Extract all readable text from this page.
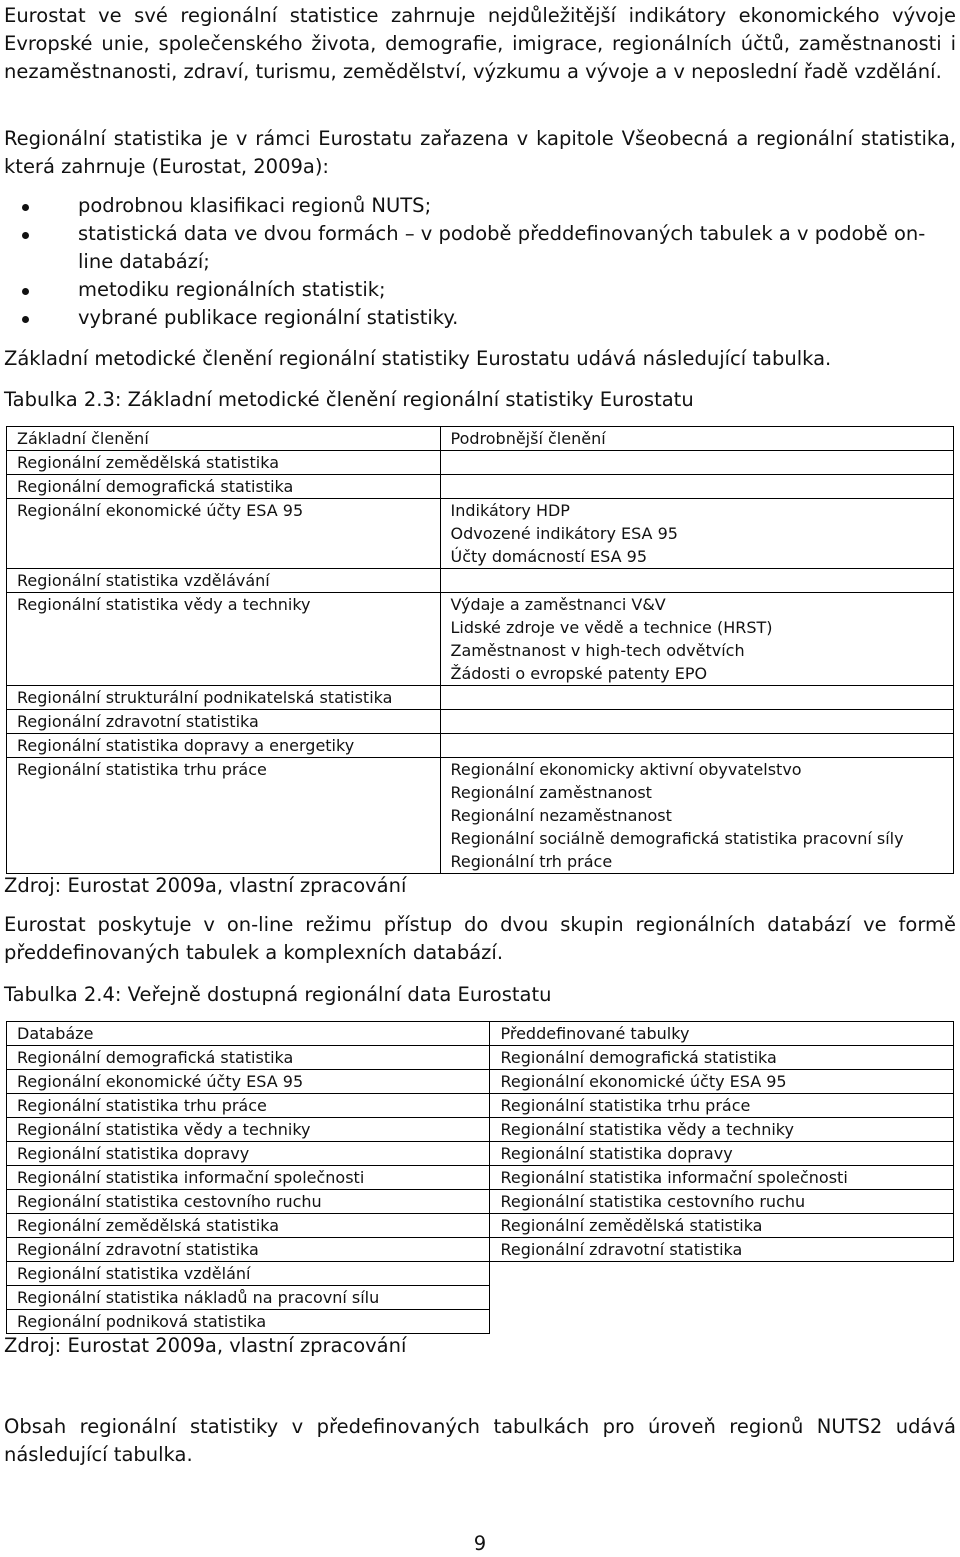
Eurostat ve své regionální statistice zahrnuje nejdůležitější indikátory ekonomického vývoje Evropské unie, společenského života, demografie, imigrace, regionálních účtů, zaměstnanosti i nezaměstnanosti, zdraví, turismu, zemědělství, výzkumu a vývoje a v neposlední řadě vzdělání.

Regionální statistika je v rámci Eurostatu zařazena v kapitole Všeobecná a regionální statistika, která zahrnuje (Eurostat, 2009a):

podrobnou klasifikaci regionů NUTS;
statistická data ve dvou formách – v podobě předdefinovaných tabulek a v podobě on-line databází;
metodiku regionálních statistik;
vybrané publikace regionální statistiky.

Základní metodické členění regionální statistiky Eurostatu udává následující tabulka.

Tabulka 2.3: Základní metodické členění regionální statistiky Eurostatu

Základní členění	Podrobnější členění
Regionální zemědělská statistika	
Regionální demografická statistika	
Regionální ekonomické účty ESA 95	Indikátory HDP
	Odvozené indikátory ESA 95
	Účty domácností ESA 95
Regionální statistika vzdělávání	
Regionální statistika vědy a techniky	Výdaje a zaměstnanci V&V
	Lidské zdroje ve vědě a technice (HRST)
	Zaměstnanost v high-tech odvětvích
	Žádosti o evropské patenty EPO
Regionální strukturální podnikatelská statistika	
Regionální zdravotní statistika	
Regionální statistika dopravy a energetiky	
Regionální statistika trhu práce	Regionální ekonomicky aktivní obyvatelstvo
	Regionální zaměstnanost
	Regionální nezaměstnanost
	Regionální sociálně demografická statistika pracovní síly
	Regionální trh práce

Zdroj: Eurostat 2009a, vlastní zpracování

Eurostat poskytuje v on-line režimu přístup do dvou skupin regionálních databází ve formě předdefinovaných tabulek a komplexních databází.

Tabulka 2.4: Veřejně dostupná regionální data Eurostatu

Databáze	Předdefinované tabulky
Regionální demografická statistika	Regionální demografická statistika
Regionální ekonomické účty ESA 95	Regionální ekonomické účty ESA 95
Regionální statistika trhu práce	Regionální statistika trhu práce
Regionální statistika vědy a techniky	Regionální statistika vědy a techniky
Regionální statistika dopravy	Regionální statistika dopravy
Regionální statistika informační společnosti	Regionální statistika informační společnosti
Regionální statistika cestovního ruchu	Regionální statistika cestovního ruchu
Regionální zemědělská statistika	Regionální zemědělská statistika
Regionální zdravotní statistika	Regionální zdravotní statistika
Regionální statistika vzdělání	
Regionální statistika nákladů na pracovní sílu	
Regionální podniková statistika	

Zdroj: Eurostat 2009a, vlastní zpracování

Obsah regionální statistiky v předefinovaných tabulkách pro úroveň regionů NUTS2 udává následující tabulka.

9
